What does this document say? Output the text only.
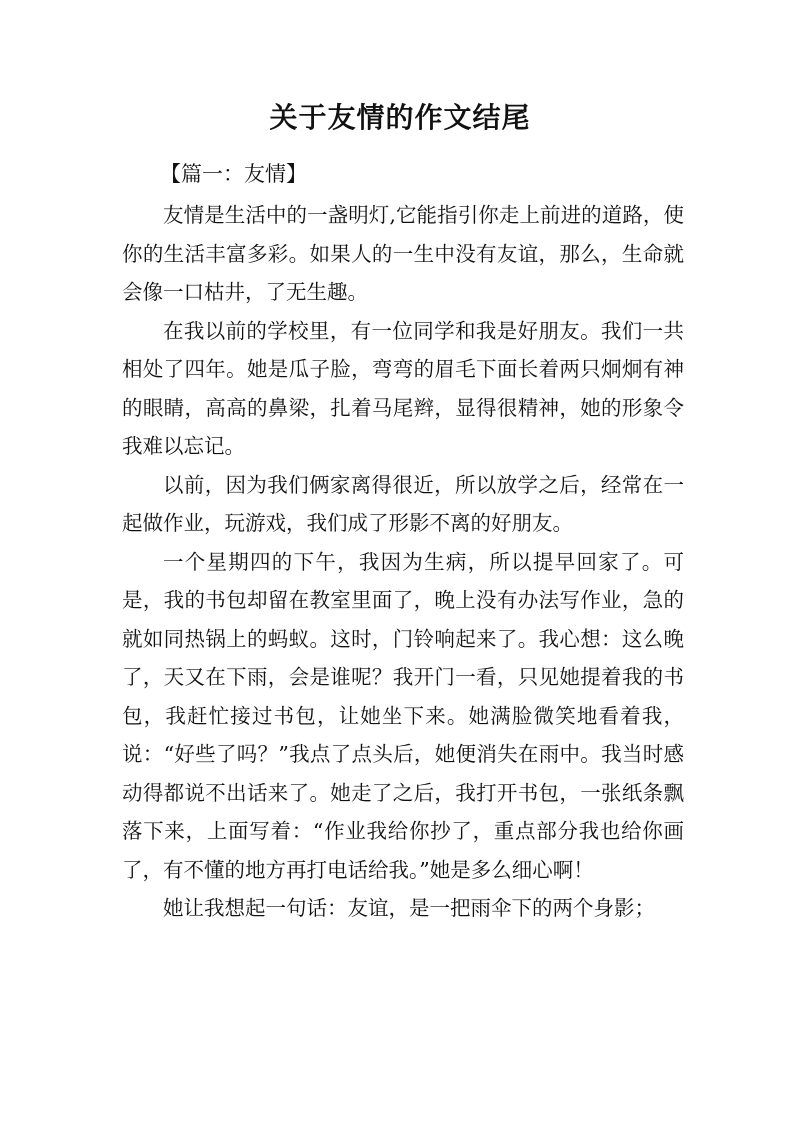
关于友情的作文结尾
【篇一：友情】

友情是生活中的一盏明灯,它能指引你走上前进的道路，使你的生活丰富多彩。如果人的一生中没有友谊，那么，生命就会像一口枯井，了无生趣。

在我以前的学校里，有一位同学和我是好朋友。我们一共相处了四年。她是瓜子脸，弯弯的眉毛下面长着两只炯炯有神的眼睛，高高的鼻梁，扎着马尾辫，显得很精神，她的形象令我难以忘记。

以前，因为我们俩家离得很近，所以放学之后，经常在一起做作业，玩游戏，我们成了形影不离的好朋友。

一个星期四的下午，我因为生病，所以提早回家了。可是，我的书包却留在教室里面了，晚上没有办法写作业，急的就如同热锅上的蚂蚁。这时，门铃响起来了。我心想：这么晚了，天又在下雨，会是谁呢？我开门一看，只见她提着我的书包，我赶忙接过书包，让她坐下来。她满脸微笑地看着我，说：“好些了吗？”我点了点头后，她便消失在雨中。我当时感动得都说不出话来了。她走了之后，我打开书包，一张纸条飘落下来，上面写着：“作业我给你抄了，重点部分我也给你画了，有不懂的地方再打电话给我。”她是多么细心啊！

她让我想起一句话：友谊，是一把雨伞下的两个身影；
